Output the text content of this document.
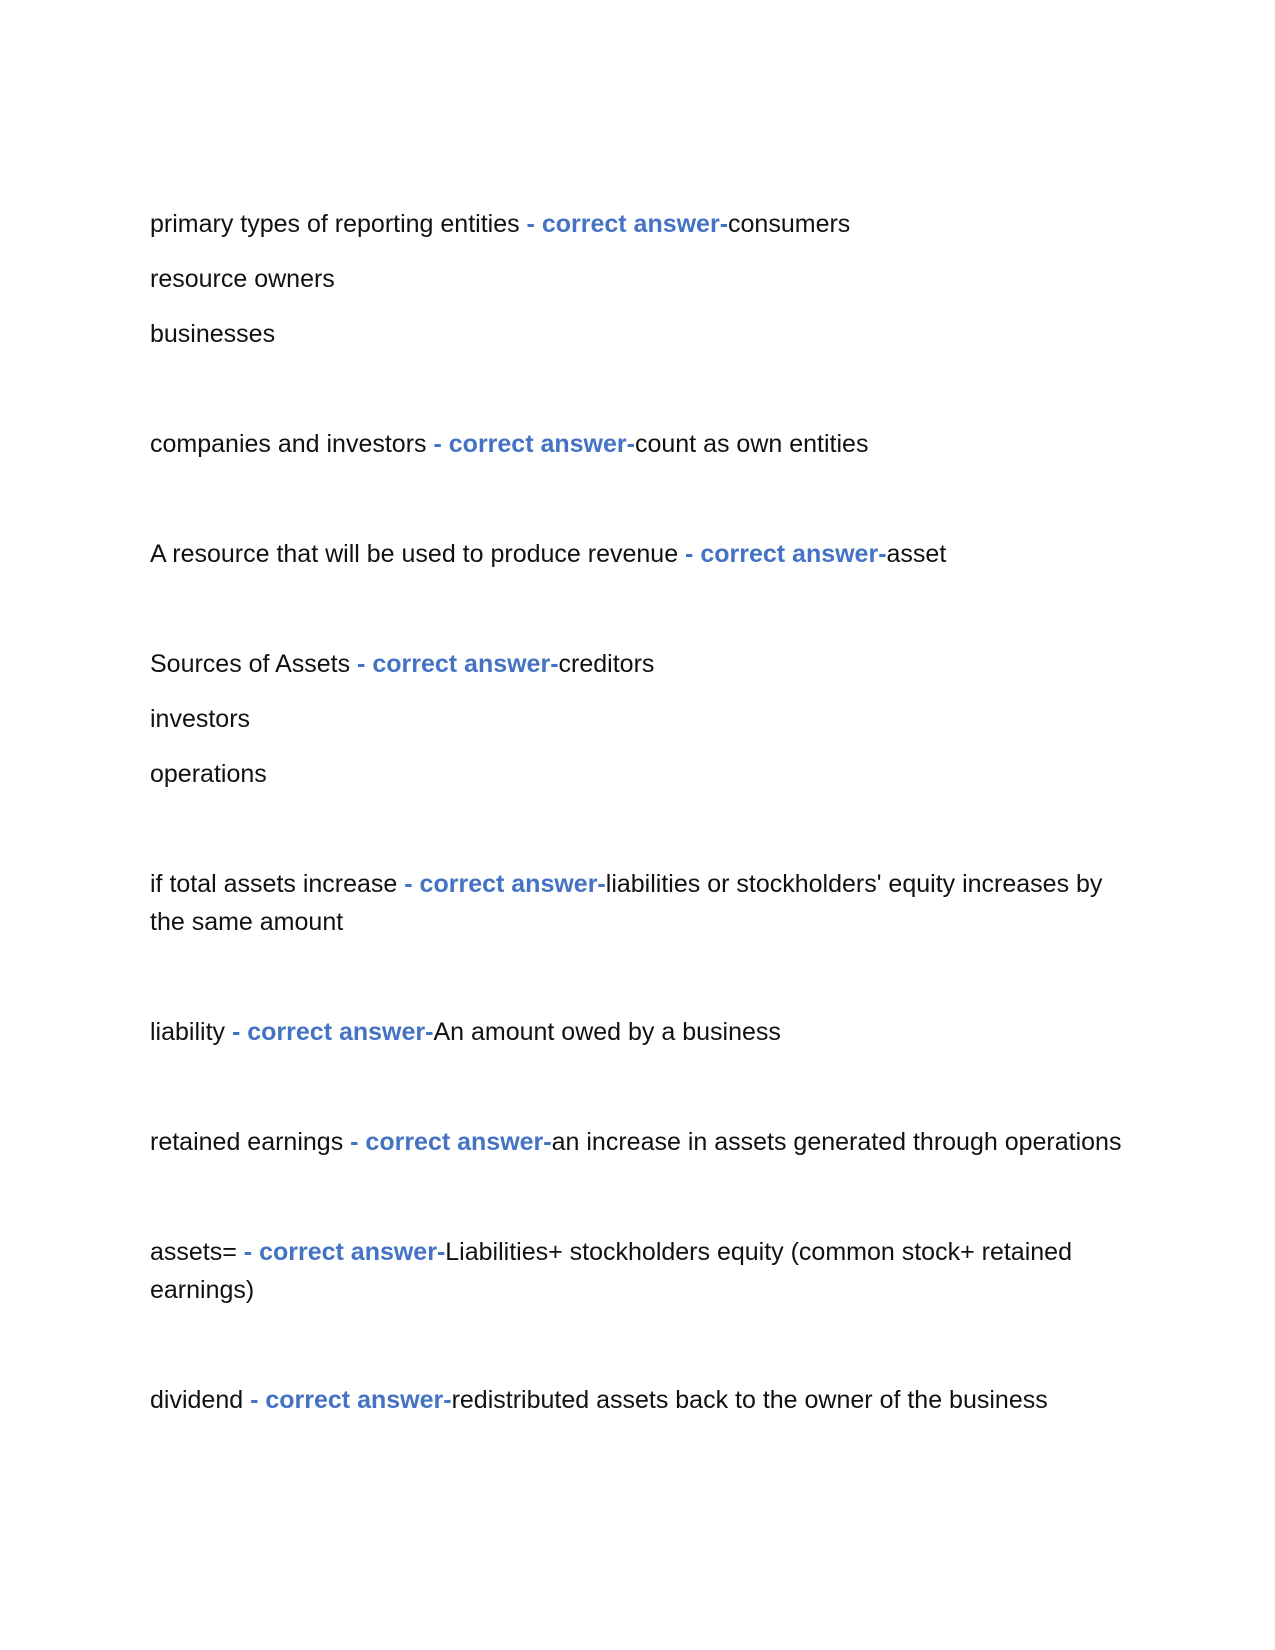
primary types of reporting entities - correct answer-consumers
resource owners
businesses
companies and investors - correct answer-count as own entities
A resource that will be used to produce revenue - correct answer-asset
Sources of Assets - correct answer-creditors
investors
operations
if total assets increase - correct answer-liabilities or stockholders' equity increases by the same amount
liability - correct answer-An amount owed by a business
retained earnings - correct answer-an increase in assets generated through operations
assets= - correct answer-Liabilities+ stockholders equity (common stock+ retained earnings)
dividend - correct answer-redistributed assets back to the owner of the business
